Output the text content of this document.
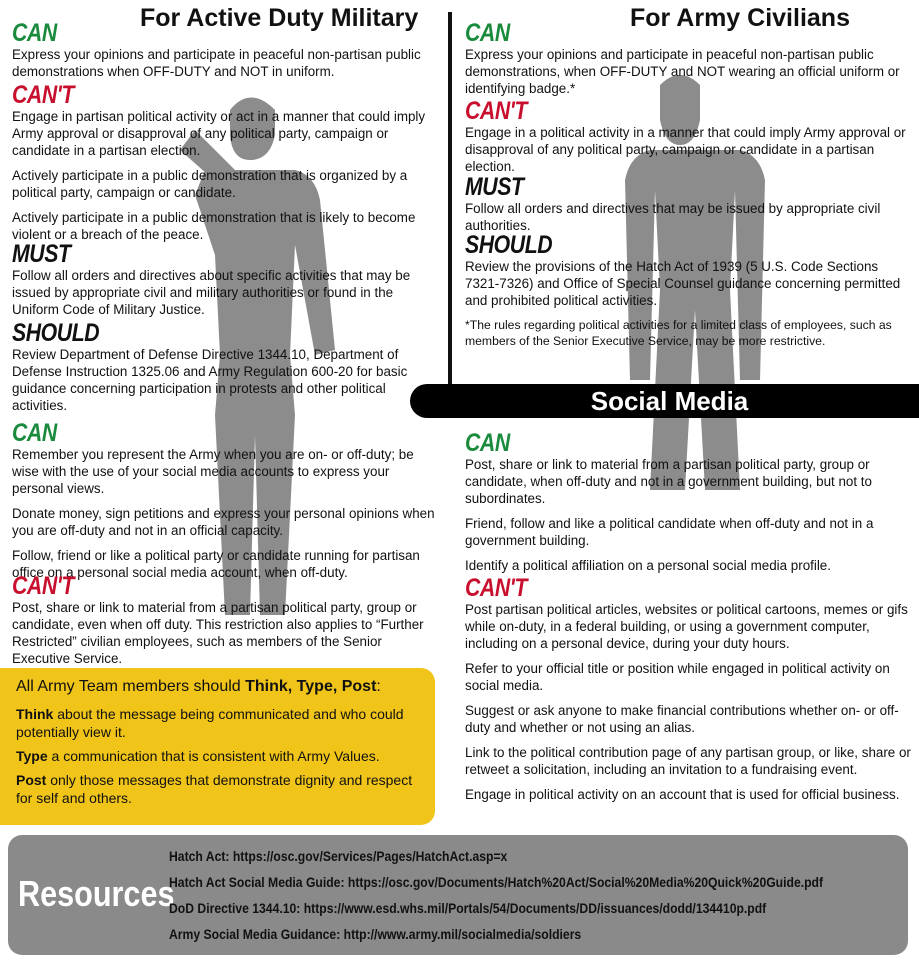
For Active Duty Military	For Army Civilians
CAN

Express your opinions and participate in peaceful non-partisan public demonstrations when OFF-DUTY and NOT in uniform.

CAN'T

Engage in partisan political activity or act in a manner that could imply Army approval or disapproval of any political party, campaign or candidate in a partisan election.

Actively participate in a public demonstration that is organized by a political party, campaign or candidate.

Actively participate in a public demonstration that is likely to become violent or a breach of the peace.

MUST

Follow all orders and directives about specific activities that may be issued by appropriate civil and military authorities or found in the Uniform Code of Military Justice.

SHOULD

Review Department of Defense Directive 1344.10, Department of Defense Instruction 1325.06 and Army Regulation 600-20 for basic guidance concerning participation in protests and other political activities.

CAN

Remember you represent the Army when you are on- or off-duty; be wise with the use of your social media accounts to express your personal views.

Donate money, sign petitions and express your personal opinions when you are off-duty and not in an official capacity.

Follow, friend or like a political party or candidate running for partisan office on a personal social media account, when off-duty.

CAN'T

Post, share or link to material from a partisan political party, group or candidate, even when off duty. This restriction also applies to “Further Restricted” civilian employees, such as members of the Senior Executive Service.

CAN

Express your opinions and participate in peaceful non-partisan public demonstrations, when OFF-DUTY and NOT wearing an official uniform or identifying badge.*

CAN'T

Engage in a political activity in a manner that could imply Army approval or disapproval of any political party, campaign or candidate in a partisan election.

MUST

Follow all orders and directives that may be issued by appropriate civil authorities.

SHOULD

Review the provisions of the Hatch Act of 1939 (5 U.S. Code Sections 7321-7326) and Office of Special Counsel guidance concerning permitted and prohibited political activities.

*The rules regarding political activities for a limited class of employees, such as members of the Senior Executive Service, may be more restrictive.

Social Media
CAN

Post, share or link to material from a partisan political party, group or candidate, when off-duty and not in a government building, but not to subordinates.

Friend, follow and like a political candidate when off-duty and not in a government building.

Identify a political affiliation on a personal social media profile.

CAN'T

Post partisan political articles, websites or political cartoons, memes or gifs while on-duty, in a federal building, or using a government computer, including on a personal device, during your duty hours.

Refer to your official title or position while engaged in political activity on social media.

Suggest or ask anyone to make financial contributions whether on- or off-duty and whether or not using an alias.

Link to the political contribution page of any partisan group, or like, share or retweet a solicitation, including an invitation to a fundraising event.

Engage in political activity on an account that is used for official business.

All Army Team members should Think, Type, Post:

Think about the message being communicated and who could potentially view it.

Type a communication that is consistent with Army Values.

Post only those messages that demonstrate dignity and respect for self and others.

Resources
Hatch Act: https://osc.gov/Services/Pages/HatchAct.asp=x
Hatch Act Social Media Guide: https://osc.gov/Documents/Hatch%20Act/Social%20Media%20Quick%20Guide.pdf
DoD Directive 1344.10: https://www.esd.whs.mil/Portals/54/Documents/DD/issuances/dodd/134410p.pdf
Army Social Media Guidance: http://www.army.mil/socialmedia/soldiers
